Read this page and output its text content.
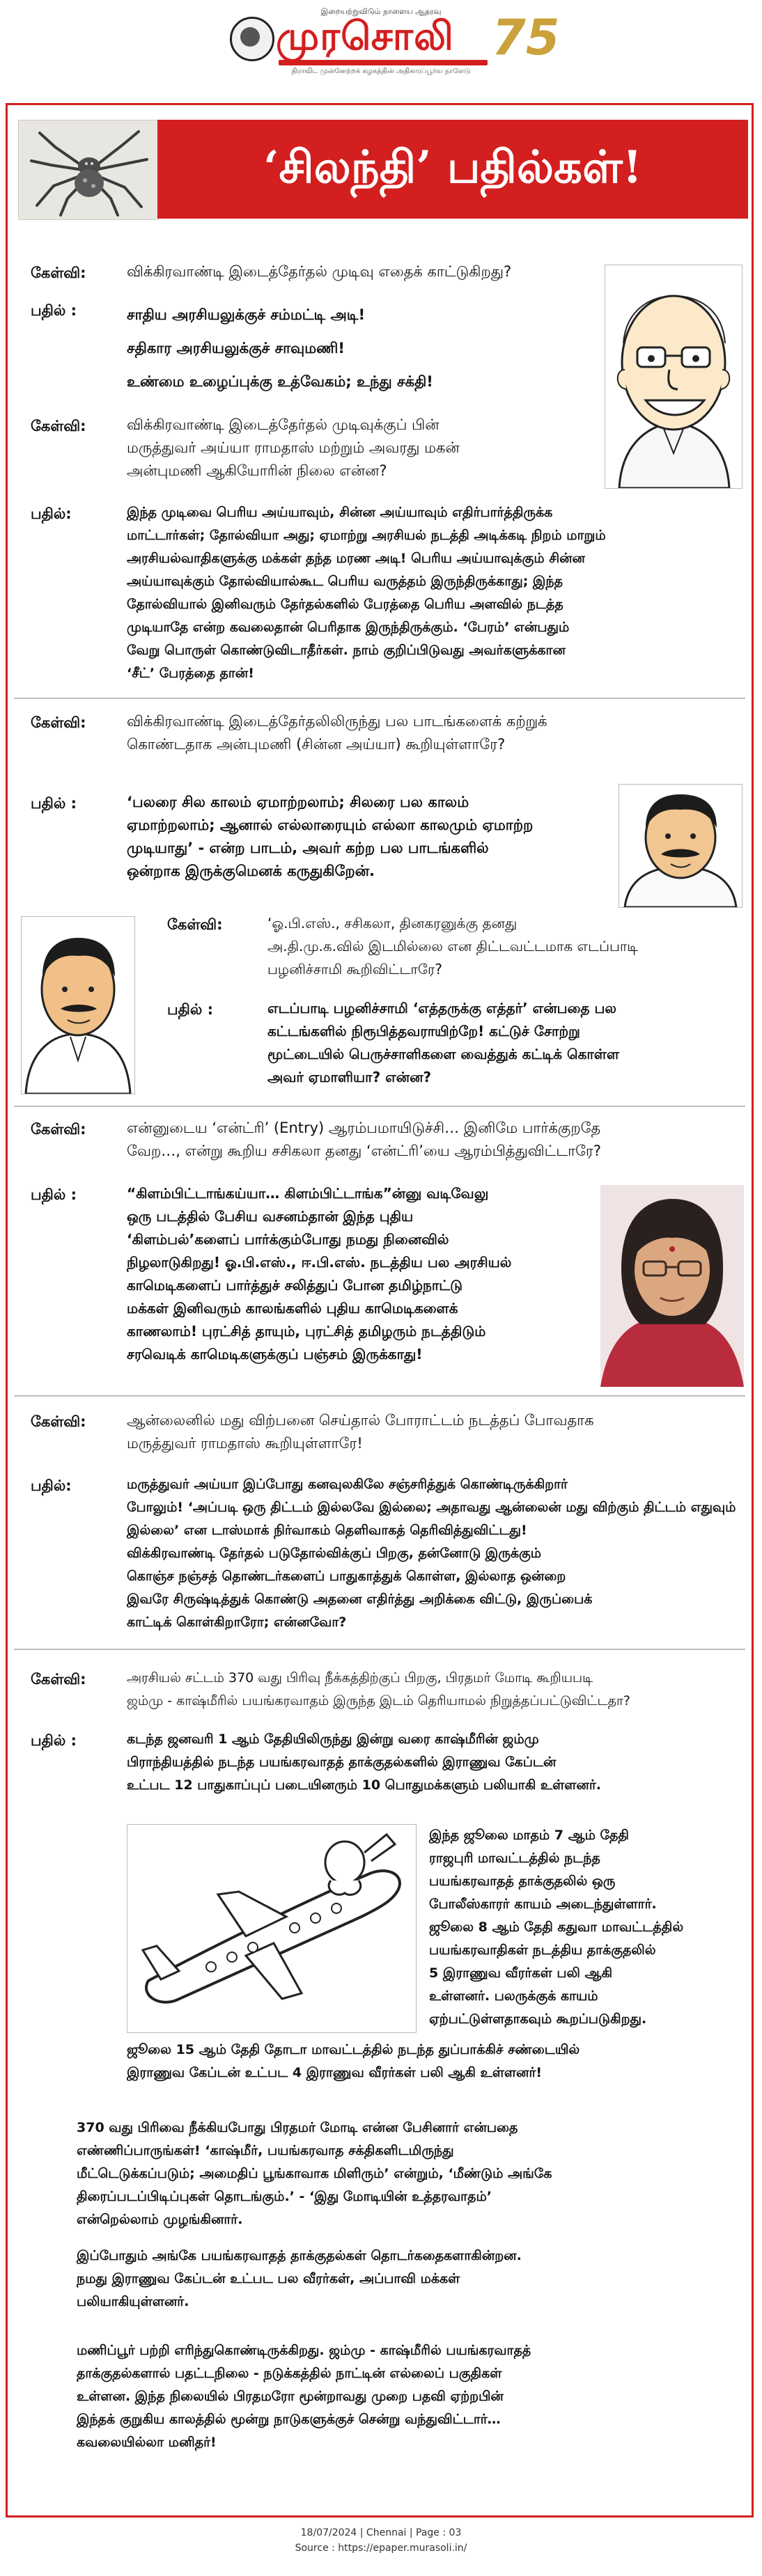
இறையற்றுவிடும் நாளைய ஆதரவு
முரசொலி
திராவிட முன்னேற்றக் கழகத்தின் அதிகாரப்பூர்வ நாளேடு
75
‘சிலந்தி’ பதில்கள்!
கேள்வி:	விக்கிரவாண்டி இடைத்தேர்தல் முடிவு எதைக் காட்டுகிறது?
பதில் :	சாதிய அரசியலுக்குச் சம்மட்டி அடி!
சதிகார அரசியலுக்குச் சாவுமணி!
உண்மை உழைப்புக்கு உத்வேகம்; உந்து சக்தி!
கேள்வி:	விக்கிரவாண்டி இடைத்தேர்தல் முடிவுக்குப் பின்
மருத்துவர் அய்யா ராமதாஸ் மற்றும் அவரது மகன்
அன்புமணி ஆகியோரின் நிலை என்ன?
பதில்:	இந்த முடிவை பெரிய அய்யாவும், சின்ன அய்யாவும் எதிர்பார்த்திருக்க
மாட்டார்கள்; தோல்வியா அது; ஏமாற்று அரசியல் நடத்தி அடிக்கடி நிறம் மாறும்
அரசியல்வாதிகளுக்கு மக்கள் தந்த மரண அடி! பெரிய அய்யாவுக்கும் சின்ன
அய்யாவுக்கும் தோல்வியால்கூட பெரிய வருத்தம் இருந்திருக்காது; இந்த
தோல்வியால் இனிவரும் தேர்தல்களில் பேரத்தை பெரிய அளவில் நடத்த
முடியாதே என்ற கவலைதான் பெரிதாக இருந்திருக்கும். ‘பேரம்’ என்பதும்
வேறு பொருள் கொண்டுவிடாதீர்கள். நாம் குறிப்பிடுவது அவர்களுக்கான
‘சீட்’ பேரத்தை தான்!
கேள்வி:	விக்கிரவாண்டி இடைத்தேர்தலிலிருந்து பல பாடங்களைக் கற்றுக்
கொண்டதாக அன்புமணி (சின்ன அய்யா) கூறியுள்ளாரே?
பதில் :	‘பலரை சில காலம் ஏமாற்றலாம்; சிலரை பல காலம்
ஏமாற்றலாம்; ஆனால் எல்லாரையும் எல்லா காலமும் ஏமாற்ற
முடியாது’ - என்ற பாடம், அவர் கற்ற பல பாடங்களில்
ஒன்றாக இருக்குமெனக் கருதுகிறேன்.
கேள்வி:	‘ஓ.பி.எஸ்., சசிகலா, தினகரனுக்கு தனது
அ.தி.மு.க.வில் இடமில்லை என திட்டவட்டமாக எடப்பாடி
பழனிச்சாமி கூறிவிட்டாரே?
பதில் :	எடப்பாடி பழனிச்சாமி ‘எத்தருக்கு எத்தர்’ என்பதை பல
கட்டங்களில் நிரூபித்தவராயிற்றே! கட்டுச் சோற்று
மூட்டையில் பெருச்சாளிகளை வைத்துக் கட்டிக் கொள்ள
அவர் ஏமாளியா? என்ன?
கேள்வி:	என்னுடைய ‘என்ட்ரி’ (Entry) ஆரம்பமாயிடுச்சி… இனிமே பார்க்குறதே
வேற…, என்று கூறிய சசிகலா தனது ‘என்ட்ரி’யை ஆரம்பித்துவிட்டாரே?
பதில் :	“கிளம்பிட்டாங்கய்யா… கிளம்பிட்டாங்க”ன்னு வடிவேலு
ஒரு படத்தில் பேசிய வசனம்தான் இந்த புதிய
‘கிளம்பல்’களைப் பார்க்கும்போது நமது நினைவில்
நிழலாடுகிறது! ஓ.பி.எஸ்., ஈ.பி.எஸ். நடத்திய பல அரசியல்
காமெடிகளைப் பார்த்துச் சலித்துப் போன தமிழ்நாட்டு
மக்கள் இனிவரும் காலங்களில் புதிய காமெடிகளைக்
காணலாம்! புரட்சித் தாயும், புரட்சித் தமிழரும் நடத்திடும்
சரவெடிக் காமெடிகளுக்குப் பஞ்சம் இருக்காது!
கேள்வி:	ஆன்லைனில் மது விற்பனை செய்தால் போராட்டம் நடத்தப் போவதாக
மருத்துவர் ராமதாஸ் கூறியுள்ளாரே!
பதில்:	மருத்துவர் அய்யா இப்போது கனவுலகிலே சஞ்சரித்துக் கொண்டிருக்கிறார்
போலும்! ‘அப்படி ஒரு திட்டம் இல்லவே இல்லை; அதாவது ஆன்லைன் மது விற்கும் திட்டம் எதுவும்
இல்லை’ என டாஸ்மாக் நிர்வாகம் தெளிவாகத் தெரிவித்துவிட்டது!
விக்கிரவாண்டி தேர்தல் படுதோல்விக்குப் பிறகு, தன்னோடு இருக்கும்
கொஞ்ச நஞ்சத் தொண்டர்களைப் பாதுகாத்துக் கொள்ள, இல்லாத ஒன்றை
இவரே சிருஷ்டித்துக் கொண்டு அதனை எதிர்த்து அறிக்கை விட்டு, இருப்பைக்
காட்டிக் கொள்கிறாரோ; என்னவோ?
கேள்வி:	அரசியல் சட்டம் 370 வது பிரிவு நீக்கத்திற்குப் பிறகு, பிரதமர் மோடி கூறியபடி
ஜம்மு - காஷ்மீரில் பயங்கரவாதம் இருந்த இடம் தெரியாமல் நிறுத்தப்பட்டுவிட்டதா?
பதில் :	கடந்த ஜனவரி 1 ஆம் தேதியிலிருந்து இன்று வரை காஷ்மீரின் ஜம்மு
பிராந்தியத்தில் நடந்த பயங்கரவாதத் தாக்குதல்களில் இராணுவ கேப்டன்
உட்பட 12 பாதுகாப்புப் படையினரும் 10 பொதுமக்களும் பலியாகி உள்ளனர்.
இந்த ஜூலை மாதம் 7 ஆம் தேதி
ராஜபுரி மாவட்டத்தில் நடந்த
பயங்கரவாதத் தாக்குதலில் ஒரு
போலீஸ்காரர் காயம் அடைந்துள்ளார்.
ஜூலை 8 ஆம் தேதி கதுவா மாவட்டத்தில்
பயங்கரவாதிகள் நடத்திய தாக்குதலில்
5 இராணுவ வீரர்கள் பலி ஆகி
உள்ளனர். பலருக்குக் காயம்
ஏற்பட்டுள்ளதாகவும் கூறப்படுகிறது.
ஜூலை 15 ஆம் தேதி தோடா மாவட்டத்தில் நடந்த துப்பாக்கிச் சண்டையில்
இராணுவ கேப்டன் உட்பட 4 இராணுவ வீரர்கள் பலி ஆகி உள்ளனர்!
370 வது பிரிவை நீக்கியபோது பிரதமர் மோடி என்ன பேசினார் என்பதை
எண்ணிப்பாருங்கள்! ‘காஷ்மீர், பயங்கரவாத சக்திகளிடமிருந்து
மீட்டெடுக்கப்படும்; அமைதிப் பூங்காவாக மிளிரும்’ என்றும், ‘மீண்டும் அங்கே
திரைப்படப்பிடிப்புகள் தொடங்கும்.’ - ‘இது மோடியின் உத்தரவாதம்’
என்றெல்லாம் முழங்கினார்.
இப்போதும் அங்கே பயங்கரவாதத் தாக்குதல்கள் தொடர்கதைகளாகின்றன.
நமது இராணுவ கேப்டன் உட்பட பல வீரர்கள், அப்பாவி மக்கள்
பலியாகியுள்ளனர்.
மணிப்பூர் பற்றி எரிந்துகொண்டிருக்கிறது. ஜம்மு - காஷ்மீரில் பயங்கரவாதத்
தாக்குதல்களால் பதட்டநிலை - நடுக்கத்தில் நாட்டின் எல்லைப் பகுதிகள்
உள்ளன. இந்த நிலையில் பிரதமரோ மூன்றாவது முறை பதவி ஏற்றபின்
இந்தக் குறுகிய காலத்தில் மூன்று நாடுகளுக்குச் சென்று வந்துவிட்டார்…
கவலையில்லா மனிதர்!
18/07/2024 | Chennai | Page : 03
Source : https://epaper.murasoli.in/
